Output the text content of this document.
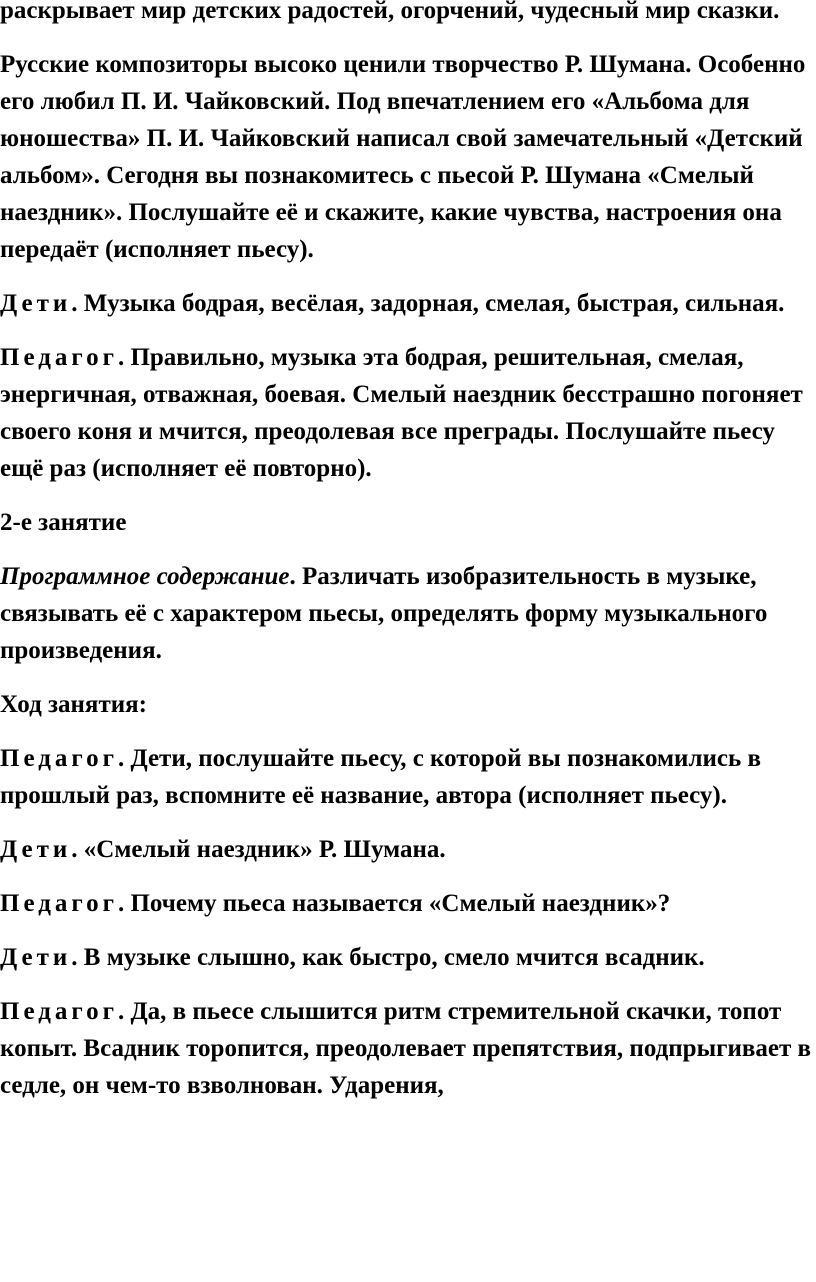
раскрывает мир детских радостей, огорчений, чудесный мир сказки.

Русские композиторы высоко ценили творчество Р. Шумана. Особенно его любил П. И. Чайковский. Под впечатлением его «Альбома для юношества» П. И. Чайковский написал свой замечательный «Детский альбом». Сегодня вы познакомитесь с пьесой Р. Шумана «Смелый наездник». Послушайте её и скажите, какие чувства, настроения она передаёт (исполняет пьесу).

Дети. Музыка бодрая, весёлая, задорная, смелая, быстрая, сильная.

Педагог. Правильно, музыка эта бодрая, решительная, смелая, энергичная, отважная, боевая. Смелый наездник бесстрашно погоняет своего коня и мчится, преодолевая все преграды. Послушайте пьесу ещё раз (исполняет её повторно).

2-е занятие

Программное содержание. Различать изобразительность в музыке, связывать её с характером пьесы, определять форму музыкального произведения.

Ход занятия:

Педагог. Дети, послушайте пьесу, с которой вы познакомились в прошлый раз, вспомните её название, автора (исполняет пьесу).

Дети. «Смелый наездник» Р. Шумана.

Педагог. Почему пьеса называется «Смелый наездник»?

Дети. В музыке слышно, как быстро, смело мчится всадник.

Педагог. Да, в пьесе слышится ритм стремительной скачки, топот копыт. Всадник торопится, преодолевает препятствия, подпрыгивает в седле, он чем-то взволнован. Ударения,
